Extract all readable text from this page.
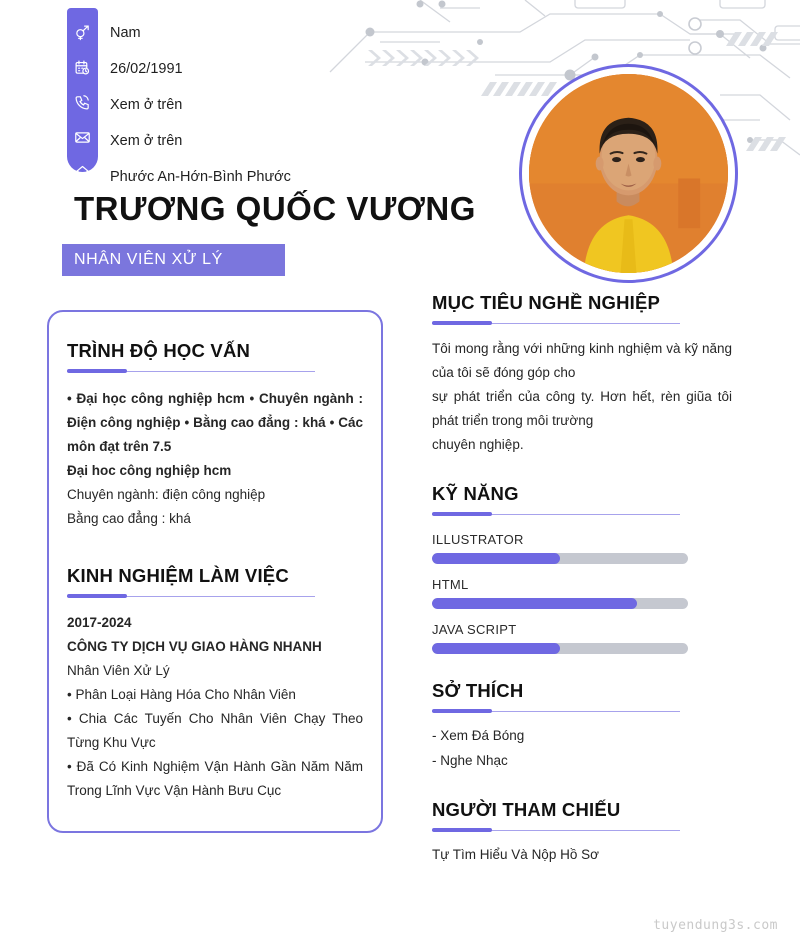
Nam
26/02/1991
Xem ở trên
Xem ở trên
Phước An-Hớn-Bình Phước
TRƯƠNG QUỐC VƯƠNG
NHÂN VIÊN XỬ LÝ
TRÌNH ĐỘ HỌC VẤN
• Đại học công nghiệp hcm • Chuyên ngành : Điện công nghiệp • Bằng cao đẳng : khá • Các môn đạt trên 7.5
Đại hoc công nghiệp hcm
Chuyên ngành: điện công nghiệp
Bằng cao đẳng : khá
KINH NGHIỆM LÀM VIỆC
2017-2024
CÔNG TY DỊCH VỤ GIAO HÀNG NHANH
Nhân Viên Xử Lý
• Phân Loại Hàng Hóa Cho Nhân Viên
• Chia Các Tuyến Cho Nhân Viên Chạy Theo Từng Khu Vực
• Đã Có Kinh Nghiệm Vận Hành Gần Năm Năm Trong Lĩnh Vực Vận Hành Bưu Cục
MỤC TIÊU NGHỀ NGHIỆP
Tôi mong rằng với những kinh nghiệm và kỹ năng của tôi sẽ đóng góp cho
sự phát triển của công ty. Hơn hết, rèn giũa tôi phát triển trong môi trường
chuyên nghiệp.
KỸ NĂNG
ILLUSTRATOR
HTML
JAVA SCRIPT
SỞ THÍCH
- Xem Đá Bóng
- Nghe Nhạc
NGƯỜI THAM CHIẾU
Tự Tìm Hiểu Và Nộp Hồ Sơ
tuyendung3s.com
